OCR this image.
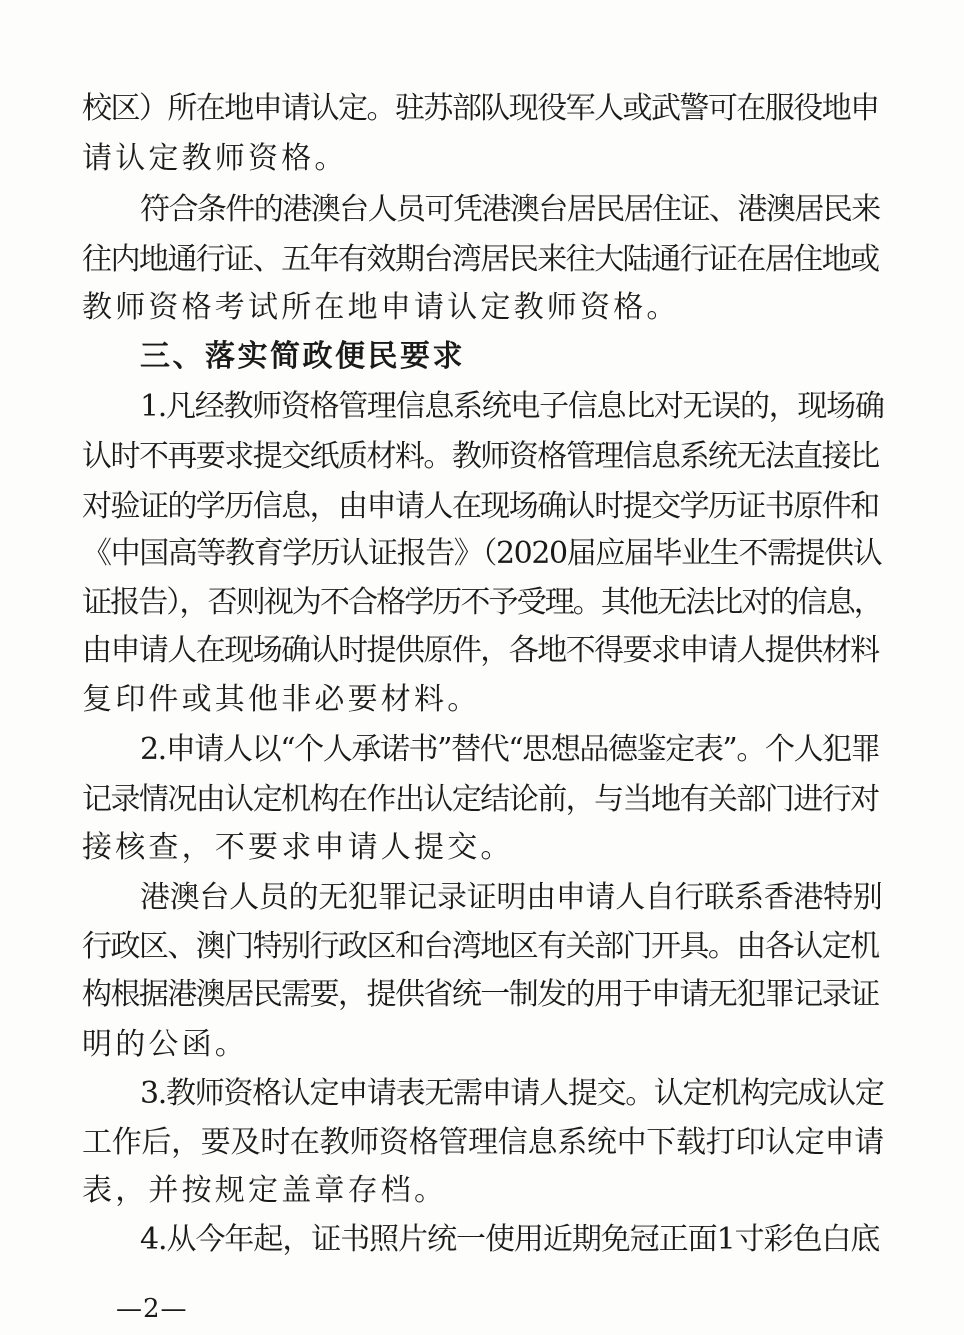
校区）所在地申请认定。驻苏部队现役军人或武警可在服役地申
请认定教师资格。
符合条件的港澳台人员可凭港澳台居民居住证、港澳居民来
往内地通行证、五年有效期台湾居民来往大陆通行证在居住地或
教师资格考试所在地申请认定教师资格。
三、落实简政便民要求
1.凡经教师资格管理信息系统电子信息比对无误的，现场确
认时不再要求提交纸质材料。教师资格管理信息系统无法直接比
对验证的学历信息，由申请人在现场确认时提交学历证书原件和
《中国高等教育学历认证报告》（2020届应届毕业生不需提供认
证报告），否则视为不合格学历不予受理。其他无法比对的信息，
由申请人在现场确认时提供原件，各地不得要求申请人提供材料
复印件或其他非必要材料。
2.申请人以“个人承诺书”替代“思想品德鉴定表”。个人犯罪
记录情况由认定机构在作出认定结论前，与当地有关部门进行对
接核查，不要求申请人提交。
港澳台人员的无犯罪记录证明由申请人自行联系香港特别
行政区、澳门特别行政区和台湾地区有关部门开具。由各认定机
构根据港澳居民需要，提供省统一制发的用于申请无犯罪记录证
明的公函。
3.教师资格认定申请表无需申请人提交。认定机构完成认定
工作后，要及时在教师资格管理信息系统中下载打印认定申请
表，并按规定盖章存档。
4.从今年起，证书照片统一使用近期免冠正面1寸彩色白底
—2—
